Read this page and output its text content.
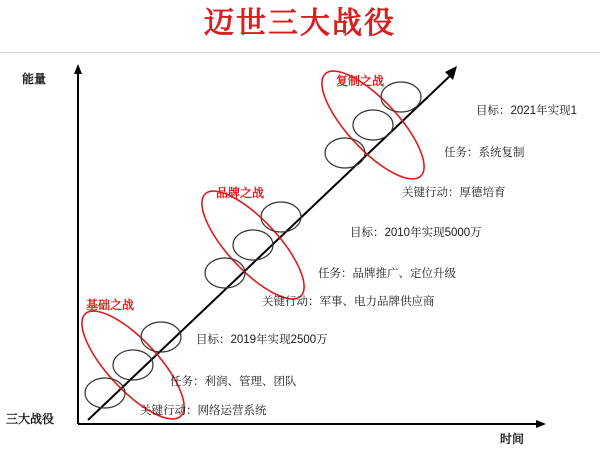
迈世三大战役
能量
时间
三大战役
基础之战
目标：2019年实现2500万
任务：利润、管理、团队
关键行动：网络运营系统
品牌之战
目标：2010年实现5000万
任务：品牌推广、定位升级
关键行动：军事、电力品牌供应商
复制之战
目标：2021年实现1
任务：系统复制
关键行动：厚德培育
